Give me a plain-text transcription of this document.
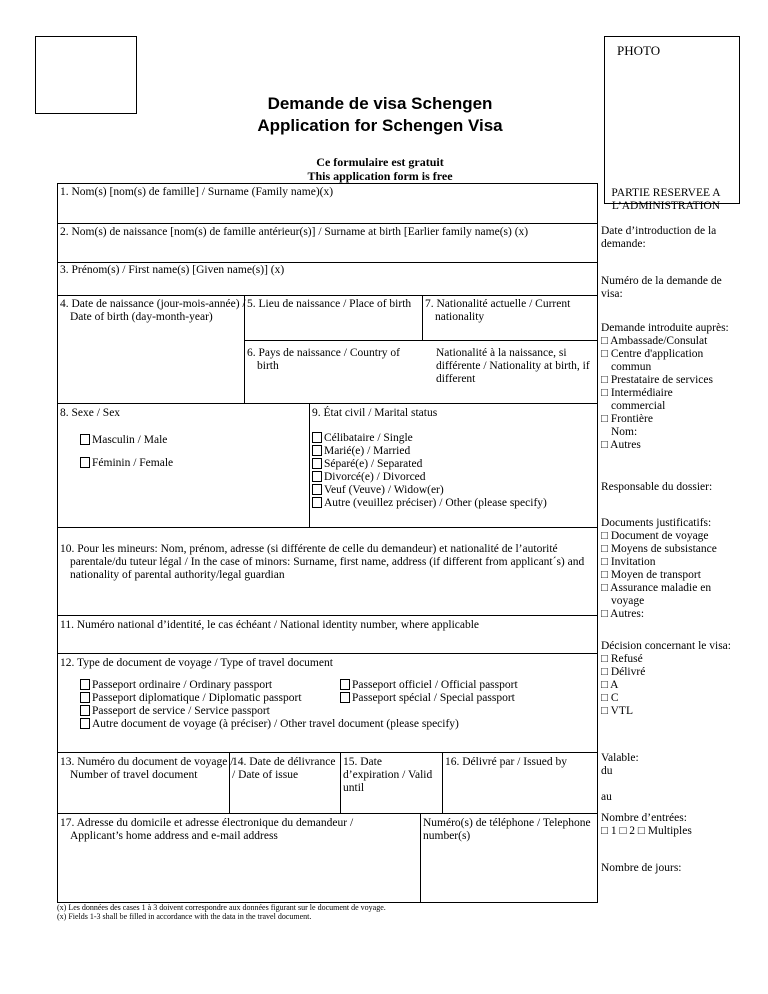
PHOTO
Demande de visa Schengen
Application for Schengen Visa
Ce formulaire est gratuit
This application form is free
1. Nom(s) [nom(s) de famille] / Surname (Family name)(x)
2. Nom(s) de naissance [nom(s) de famille antérieur(s)] / Surname at birth [Earlier family name(s) (x)
3. Prénom(s) / First name(s) [Given name(s)] (x)
4. Date de naissance (jour-mois-année) / Date of birth (day-month-year)
5. Lieu de naissance / Place of birth
6. Pays de naissance / Country of birth
7. Nationalité actuelle / Current nationality
Nationalité à la naissance, si différente / Nationality at birth, if different
8. Sexe / Sex
Masculin / Male
Féminin / Female
9. État civil / Marital status
Célibataire / Single
Marié(e) / Married
Séparé(e) / Separated
Divorcé(e) / Divorced
Veuf (Veuve) / Widow(er)
Autre (veuillez préciser) / Other (please specify)
10. Pour les mineurs: Nom, prénom, adresse (si différente de celle du demandeur) et nationalité de l’autorité parentale/du tuteur légal / In the case of minors: Surname, first name, address (if different from applicant´s) and nationality of parental authority/legal guardian
11. Numéro national d’identité, le cas échéant / National identity number, where applicable
12. Type de document de voyage / Type of travel document
Passeport ordinaire / Ordinary passport
Passeport diplomatique / Diplomatic passport
Passeport de service / Service passport
Autre document de voyage (à préciser) / Other travel document (please specify)
Passeport officiel / Official passport
Passeport spécial / Special passport
13. Numéro du document de voyage / Number of travel document
14. Date de délivrance / Date of issue
15. Date d’expiration / Valid until
16. Délivré par / Issued by
17. Adresse du domicile et adresse électronique du demandeur / Applicant’s home address and e-mail address
Numéro(s) de téléphone / Telephone number(s)
(x) Les données des cases 1 à 3 doivent correspondre aux données figurant sur le document de voyage.
(x) Fields 1-3 shall be filled in accordance with the data in the travel document.
PARTIE RESERVEE A L’ADMINISTRATION
Date d’introduction de la demande:
Numéro de la demande de visa:
Demande introduite auprès:
□ Ambassade/Consulat
□ Centre d'application
commun
□ Prestataire de services
□ Intermédiaire
commercial
□ Frontière
Nom:
□ Autres
Responsable du dossier:
Documents justificatifs:
□ Document de voyage
□ Moyens de subsistance
□ Invitation
□ Moyen de transport
□ Assurance maladie en
voyage
□ Autres:
Décision concernant le visa:
□ Refusé
□ Délivré
□ A
□ C
□ VTL
Valable:
du
au
Nombre d’entrées:
□ 1 □ 2 □ Multiples
Nombre de jours:
